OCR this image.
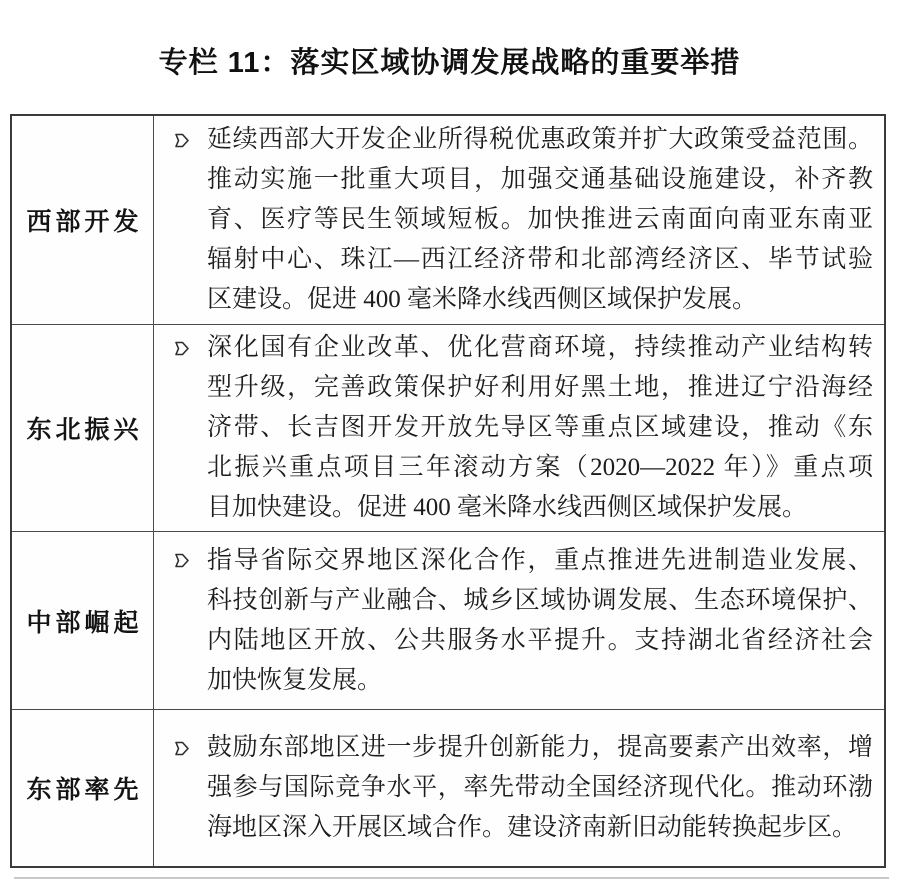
专栏 11：落实区域协调发展战略的重要举措
西部开发
延续西部大开发企业所得税优惠政策并扩大政策受益范围。
推动实施一批重大项目，加强交通基础设施建设，补齐教
育、医疗等民生领域短板。加快推进云南面向南亚东南亚
辐射中心、珠江—西江经济带和北部湾经济区、毕节试验
区建设。促进 400 毫米降水线西侧区域保护发展。
东北振兴
深化国有企业改革、优化营商环境，持续推动产业结构转
型升级，完善政策保护好利用好黑土地，推进辽宁沿海经
济带、长吉图开发开放先导区等重点区域建设，推动《东
北振兴重点项目三年滚动方案（2020—2022 年）》重点项
目加快建设。促进 400 毫米降水线西侧区域保护发展。
中部崛起
指导省际交界地区深化合作，重点推进先进制造业发展、
科技创新与产业融合、城乡区域协调发展、生态环境保护、
内陆地区开放、公共服务水平提升。支持湖北省经济社会
加快恢复发展。
东部率先
鼓励东部地区进一步提升创新能力，提高要素产出效率，增
强参与国际竞争水平，率先带动全国经济现代化。推动环渤
海地区深入开展区域合作。建设济南新旧动能转换起步区。
